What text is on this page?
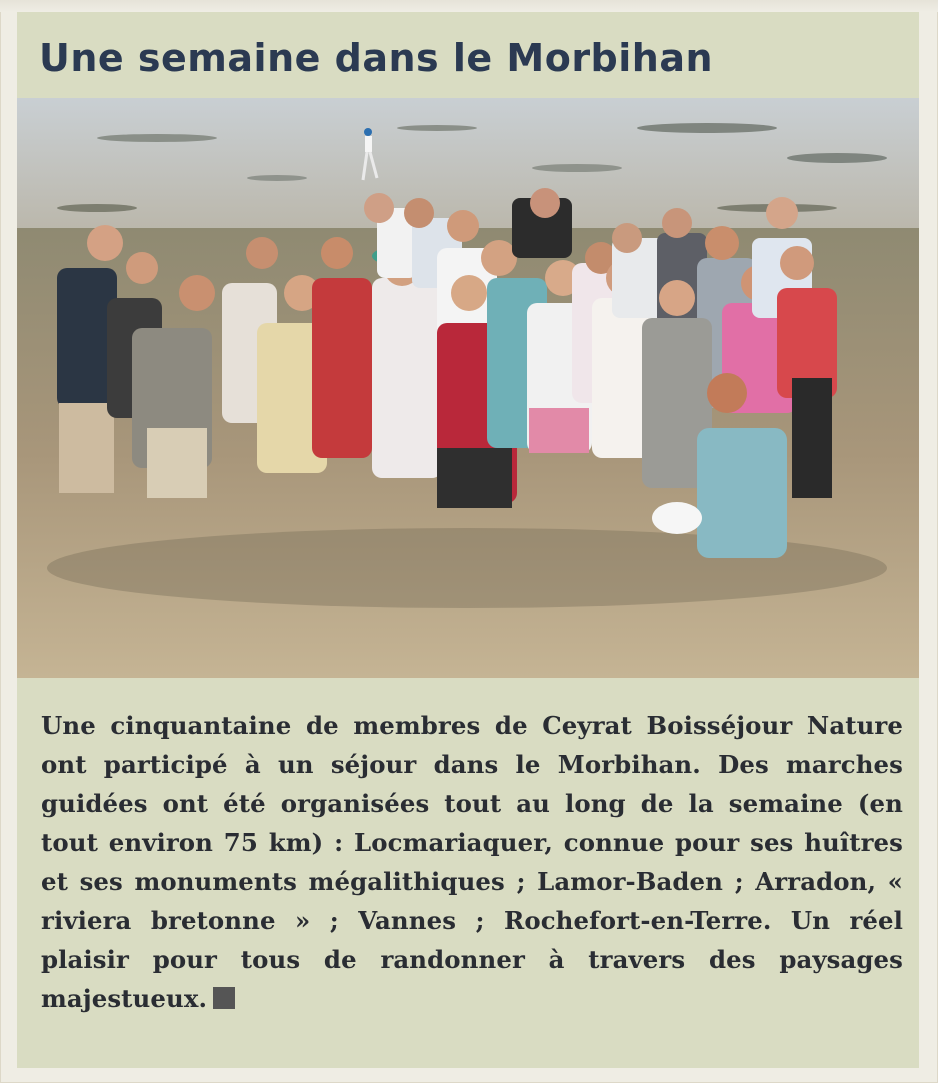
Une semaine dans le Morbihan

Une cinquantaine de membres de Ceyrat Boisséjour Nature ont participé à un séjour dans le Morbihan. Des marches guidées ont été organisées tout au long de la semaine (en tout environ 75 km) : Locmariaquer, connue pour ses huîtres et ses monuments mégalithiques ; Lamor-Baden ; Arradon, « riviera bretonne » ; Vannes ; Rochefort-en-Terre. Un réel plaisir pour tous de randonner à travers des paysages majestueux.
